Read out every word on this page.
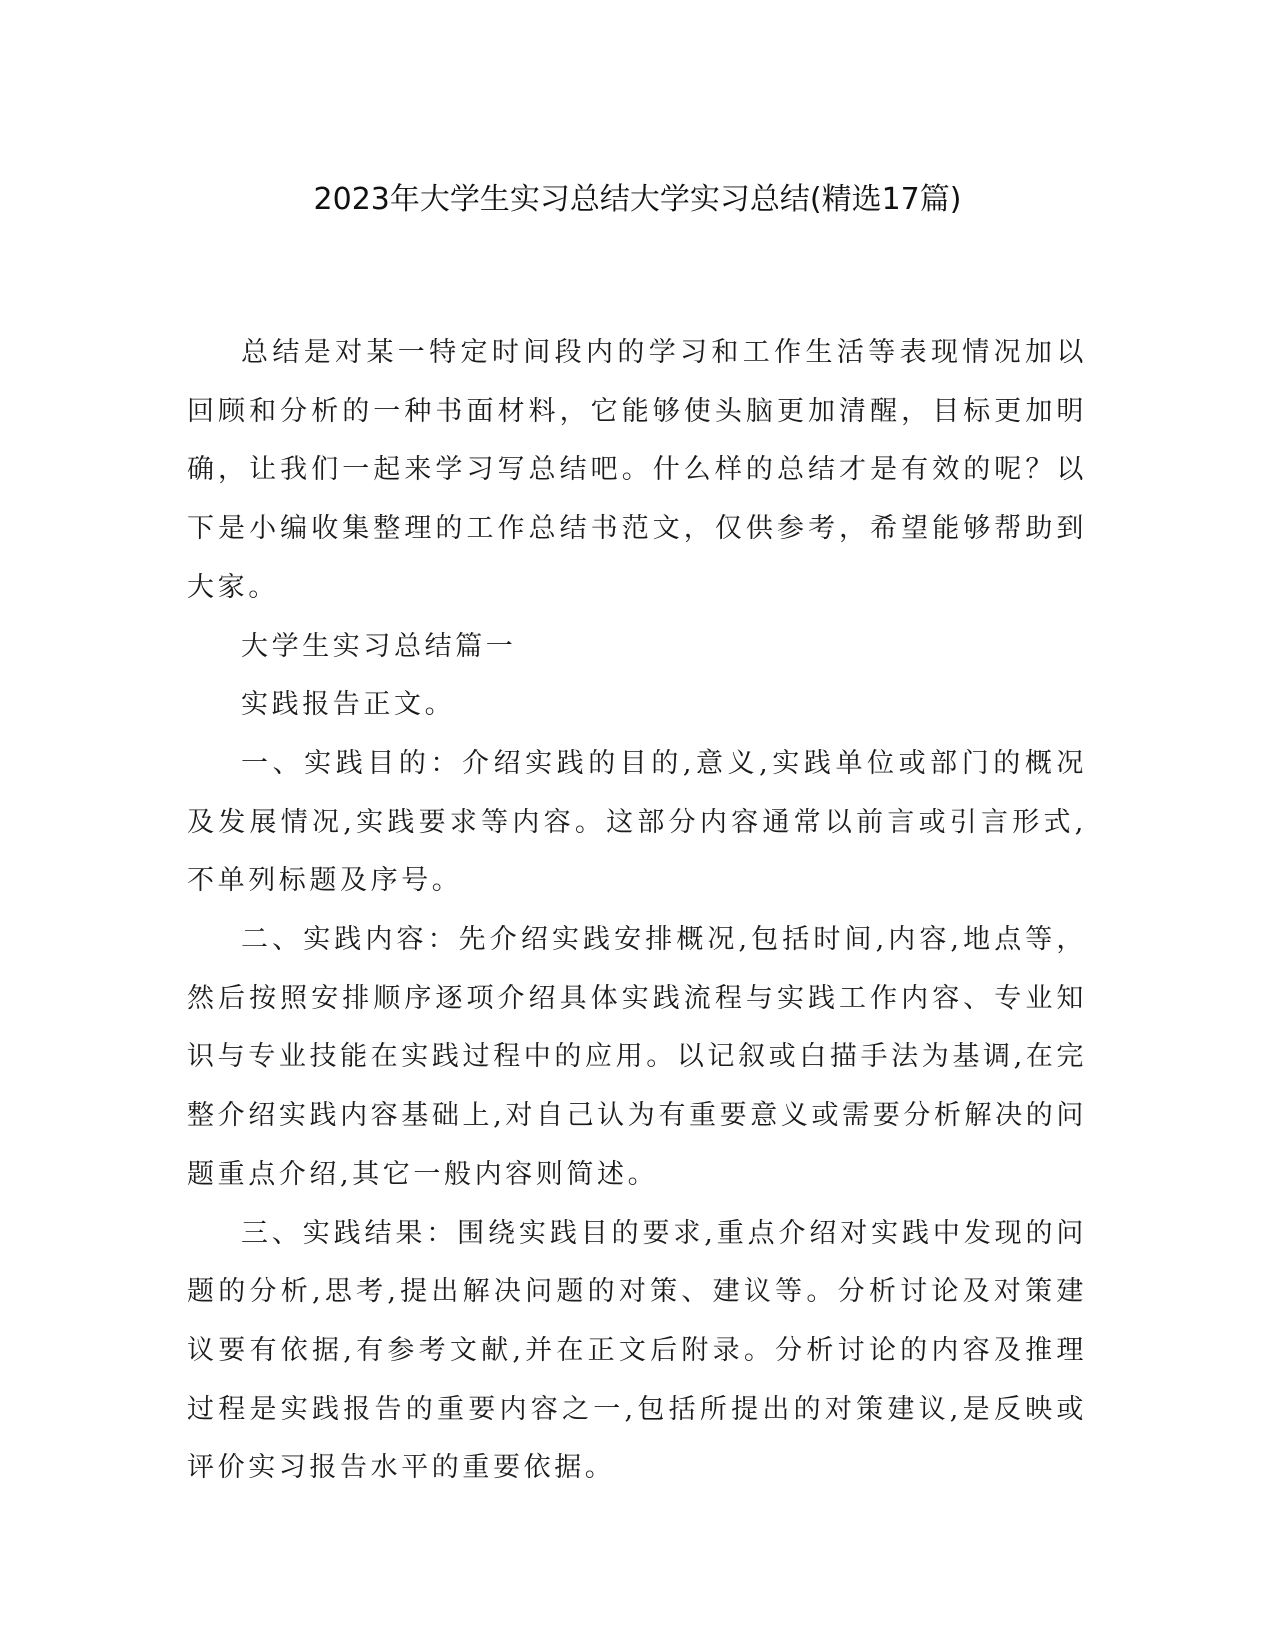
2023年大学生实习总结大学实习总结(精选17篇)

总结是对某一特定时间段内的学习和工作生活等表现情况加以回顾和分析的一种书面材料，它能够使头脑更加清醒，目标更加明确，让我们一起来学习写总结吧。什么样的总结才是有效的呢？以下是小编收集整理的工作总结书范文，仅供参考，希望能够帮助到大家。

大学生实习总结篇一

实践报告正文。

一、实践目的：介绍实践的目的,意义,实践单位或部门的概况及发展情况,实践要求等内容。这部分内容通常以前言或引言形式,不单列标题及序号。

二、实践内容：先介绍实践安排概况,包括时间,内容,地点等，然后按照安排顺序逐项介绍具体实践流程与实践工作内容、专业知识与专业技能在实践过程中的应用。以记叙或白描手法为基调,在完整介绍实践内容基础上,对自己认为有重要意义或需要分析解决的问题重点介绍,其它一般内容则简述。

三、实践结果：围绕实践目的要求,重点介绍对实践中发现的问题的分析,思考,提出解决问题的对策、建议等。分析讨论及对策建议要有依据,有参考文献,并在正文后附录。分析讨论的内容及推理过程是实践报告的重要内容之一,包括所提出的对策建议,是反映或评价实习报告水平的重要依据。
